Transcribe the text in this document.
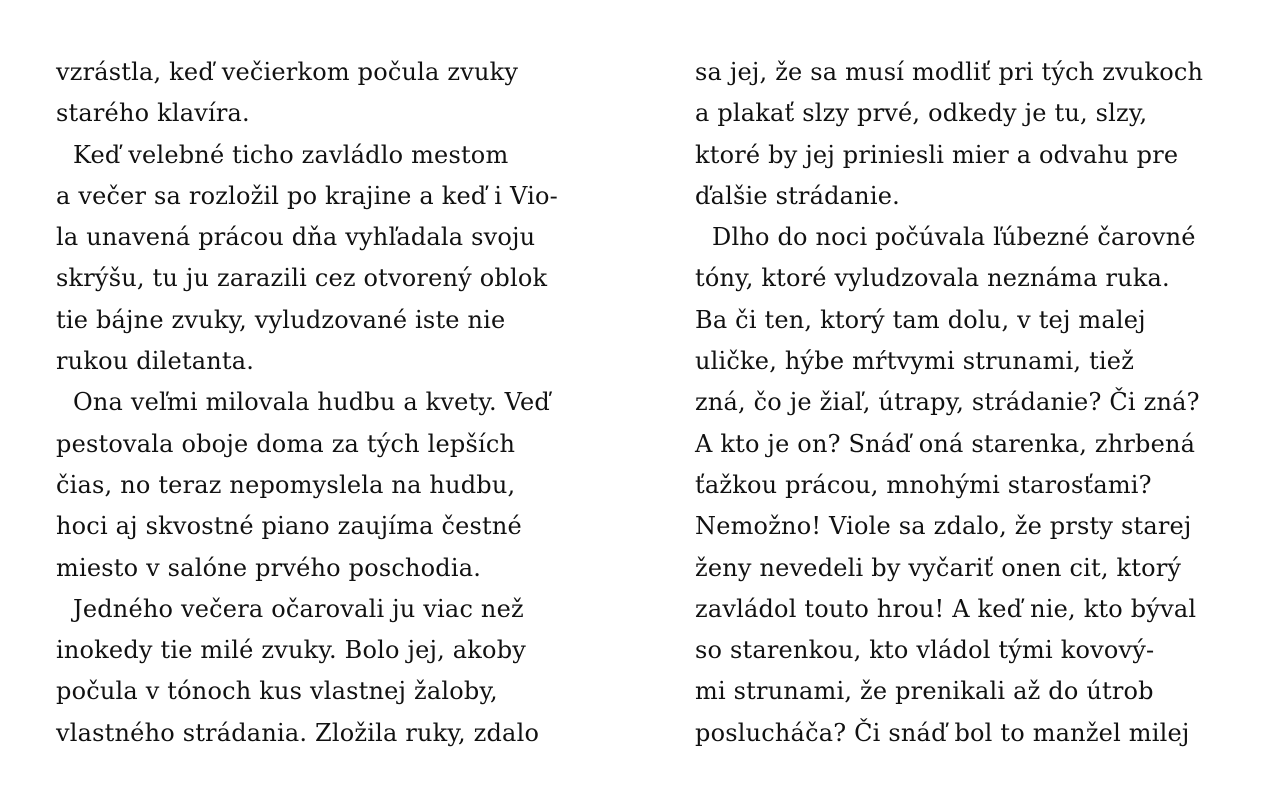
vzrástla, keď večierkom počula zvuky
starého klavíra.
Keď velebné ticho zavládlo mestom
a večer sa rozložil po krajine a keď i Vio-
la unavená prácou dňa vyhľadala svoju
skrýšu, tu ju zarazili cez otvorený oblok
tie bájne zvuky, vyludzované iste nie
rukou diletanta.
Ona veľmi milovala hudbu a kvety. Veď
pestovala oboje doma za tých lepších
čias, no teraz nepomyslela na hudbu,
hoci aj skvostné piano zaujíma čestné
miesto v salóne prvého poschodia.
Jedného večera očarovali ju viac než
inokedy tie milé zvuky. Bolo jej, akoby
počula v tónoch kus vlastnej žaloby,
vlastného strádania. Zložila ruky, zdalo
sa jej, že sa musí modliť pri tých zvukoch
a plakať slzy prvé, odkedy je tu, slzy,
ktoré by jej priniesli mier a odvahu pre
ďalšie strádanie.
Dlho do noci počúvala ľúbezné čarovné
tóny, ktoré vyludzovala neznáma ruka.
Ba či ten, ktorý tam dolu, v tej malej
uličke, hýbe mŕtvymi strunami, tiež
zná, čo je žiaľ, útrapy, strádanie? Či zná?
A kto je on? Snáď oná starenka, zhrbená
ťažkou prácou, mnohými starosťami?
Nemožno! Viole sa zdalo, že prsty starej
ženy nevedeli by vyčariť onen cit, ktorý
zavládol touto hrou! A keď nie, kto býval
so starenkou, kto vládol tými kovový-
mi strunami, že prenikali až do útrob
poslucháča? Či snáď bol to manžel milej
